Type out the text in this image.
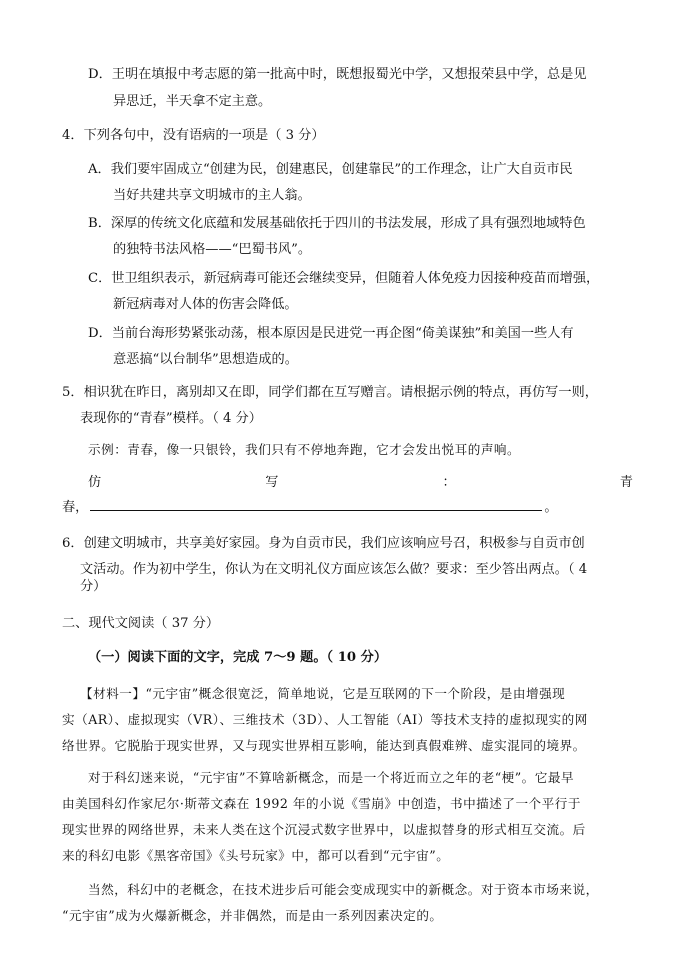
D．王明在填报中考志愿的第一批高中时，既想报蜀光中学，又想报荣县中学，总是见
异思迁，半天拿不定主意。
4．下列各句中，没有语病的一项是（ 3 分）
A．我们要牢固成立“创建为民，创建惠民，创建靠民”的工作理念，让广大自贡市民
当好共建共享文明城市的主人翁。
B．深厚的传统文化底蕴和发展基础依托于四川的书法发展，形成了具有强烈地域特色
的独特书法风格——“巴蜀书风”。
C．世卫组织表示，新冠病毒可能还会继续变异，但随着人体免疫力因接种疫苗而增强，
新冠病毒对人体的伤害会降低。
D．当前台海形势紧张动荡，根本原因是民进党一再企图“倚美谋独”和美国一些人有
意恶搞“以台制华”思想造成的。
5．相识犹在昨日，离别却又在即，同学们都在互写赠言。请根据示例的特点，再仿写一则，
表现你的“青春”模样。（ 4 分）
示例：青春，像一只银铃，我们只有不停地奔跑，它才会发出悦耳的声响。
仿	写	：	青
春，	。
6．创建文明城市，共享美好家园。身为自贡市民，我们应该响应号召，积极参与自贡市创
文活动。作为初中学生，你认为在文明礼仪方面应该怎么做？要求：至少答出两点。（ 4
分）
二、现代文阅读（ 37 分）
（一）阅读下面的文字，完成 7～9 题。（ 10 分）
【材料一】“元宇宙”概念很宽泛，简单地说，它是互联网的下一个阶段，是由增强现
实（AR）、虚拟现实（VR）、三维技术（3D）、人工智能（AI）等技术支持的虚拟现实的网
络世界。它脱胎于现实世界，又与现实世界相互影响，能达到真假难辨、虚实混同的境界。
对于科幻迷来说，“元宇宙”不算啥新概念，而是一个将近而立之年的老“梗”。它最早
由美国科幻作家尼尔·斯蒂文森在 1992 年的小说《雪崩》中创造，书中描述了一个平行于
现实世界的网络世界，未来人类在这个沉浸式数字世界中，以虚拟替身的形式相互交流。后
来的科幻电影《黑客帝国》《头号玩家》中，都可以看到“元宇宙”。
当然，科幻中的老概念，在技术进步后可能会变成现实中的新概念。对于资本市场来说，
“元宇宙”成为火爆新概念，并非偶然，而是由一系列因素决定的。
